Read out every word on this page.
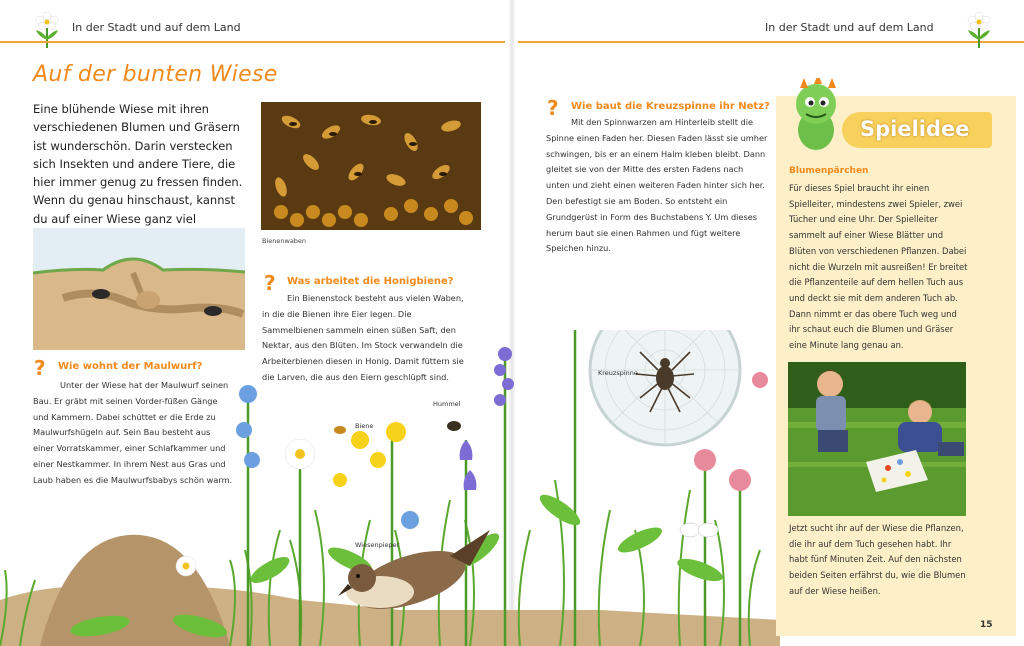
In der Stadt und auf dem Land	In der Stadt und auf dem Land
Auf der bunten Wiese
Eine blühende Wiese mit ihren verschiedenen Blumen und Gräsern ist wunderschön. Darin verstecken sich Insekten und andere Tiere, die hier immer genug zu fressen finden. Wenn du genau hinschaust, kannst du auf einer Wiese ganz viel
Bienenwaben
? Wie wohnt der Maulwurf?
Unter der Wiese hat der Maulwurf seinen Bau. Er gräbt mit seinen Vorder-füßen Gänge und Kammern. Dabei schüttet er die Erde zu Maulwurfshügeln auf. Sein Bau besteht aus einer Vorratskammer, einer Schlafkammer und einer Nestkammer. In ihrem Nest aus Gras und Laub haben es die Maulwurfsbabys schön warm.
? Was arbeitet die Honigbiene?
Ein Bienenstock besteht aus vielen Waben, in die die Bienen ihre Eier legen. Die Sammelbienen sammeln einen süßen Saft, den Nektar, aus den Blüten. Im Stock verwandeln die Arbeiterbienen diesen in Honig. Damit füttern sie die Larven, die aus den Eiern geschlüpft sind.
? Wie baut die Kreuzspinne ihr Netz?
Mit den Spinnwarzen am Hinterleib stellt die Spinne einen Faden her. Diesen Faden lässt sie umher schwingen, bis er an einem Halm kleben bleibt. Dann gleitet sie von der Mitte des ersten Fadens nach unten und zieht einen weiteren Faden hinter sich her. Den befestigt sie am Boden. So entsteht ein Grundgerüst in Form des Buchstabens Y. Um dieses herum baut sie einen Rahmen und fügt weitere Speichen hinzu.
Kreuzspinne
Biene
Hummel
Wiesenpieper
Spielidee
Blumenpärchen
Für dieses Spiel braucht ihr einen Spielleiter, mindestens zwei Spieler, zwei Tücher und eine Uhr. Der Spielleiter sammelt auf einer Wiese Blätter und Blüten von verschiedenen Pflanzen. Dabei nicht die Wurzeln mit ausreißen! Er breitet die Pflanzenteile auf dem hellen Tuch aus und deckt sie mit dem anderen Tuch ab. Dann nimmt er das obere Tuch weg und ihr schaut euch die Blumen und Gräser eine Minute lang genau an.
Jetzt sucht ihr auf der Wiese die Pflanzen, die ihr auf dem Tuch gesehen habt. Ihr habt fünf Minuten Zeit. Auf den nächsten beiden Seiten erfährst du, wie die Blumen auf der Wiese heißen.
15
